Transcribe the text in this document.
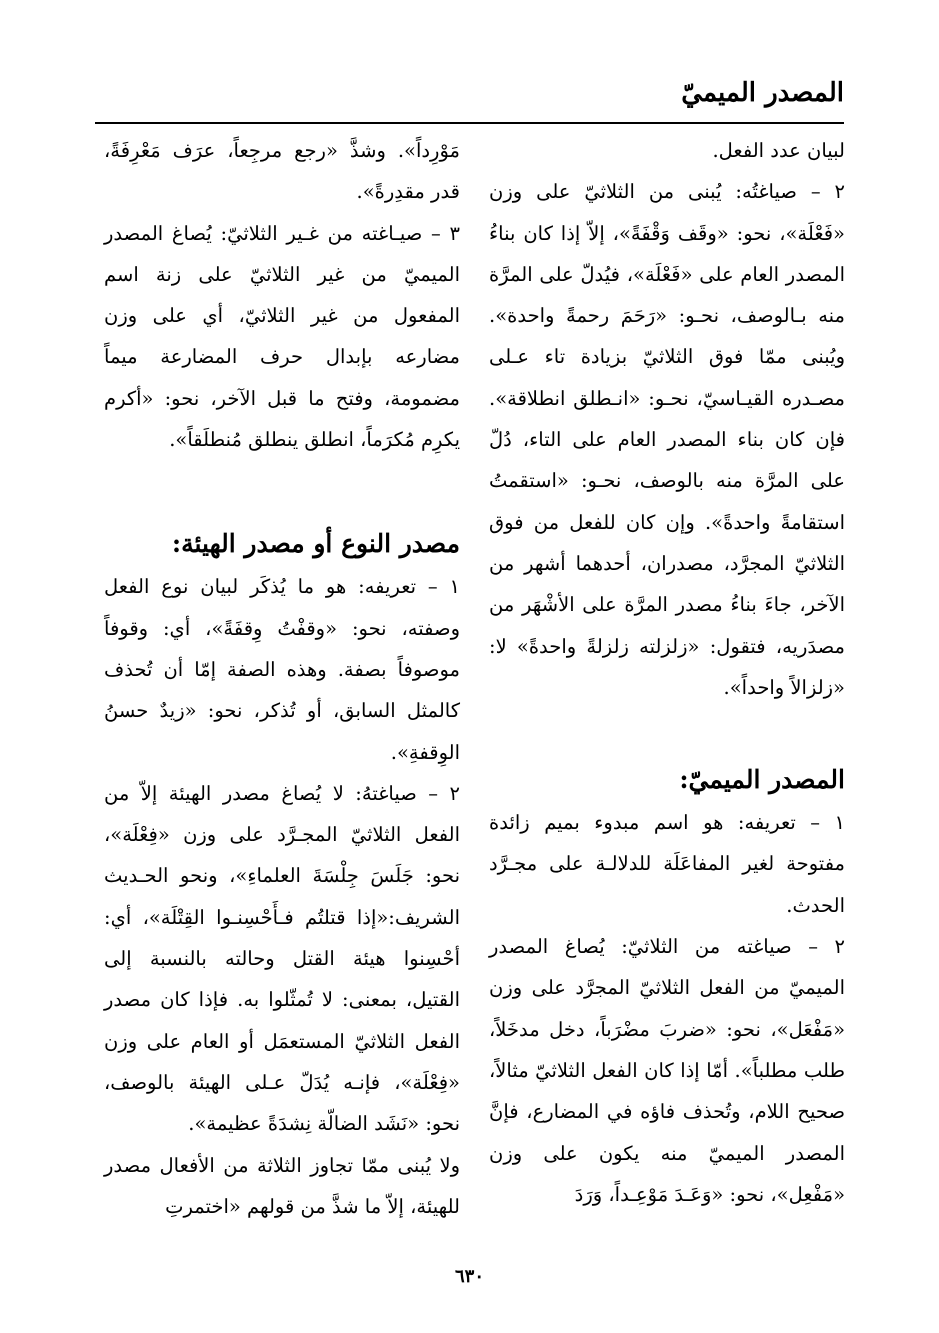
المصدر الميميّ

لبيان عدد الفعل.

٢ – صياغتُه: يُبنى من الثلاثيّ على وزن «فَعْلَة»، نحو: «وقَف وَقْفَةً»، إلاّ إذا كان بناءُ المصدر العام على «فَعْلَة»، فيُدلّ على المرَّة منه بـالوصف، نحـو: «رَحَمَ رحمةً واحدة». ويُبنى ممّا فوق الثلاثيّ بزيادة تاء عـلى مصـدره القيـاسيّ، نحـو: «انـطلق انطلاقة». فإن كان بناء المصدر العام على التاء، دُلّ على المرَّة منه بالوصف، نحـو: «استقمتُ استقامةً واحدةً». وإن كان للفعل من فوق الثلاثيّ المجرَّد، مصدران، أحدهما أشهر من الآخر، جاءَ بناءُ مصدر المرَّة على الأشْهَر من مصدَريه، فتقول: «زلزلته زلزلةً واحدةً» لا: «زلزالاً واحداً».

المصدر الميميّ:

١ – تعريفه: هو اسم مبدوء بميم زائدة مفتوحة لغير المفاعَلَة للدلالـة على مجـرَّد الحدث.

٢ – صياغته من الثلاثيّ: يُصاغ المصدر الميميّ من الفعل الثلاثيّ المجرَّد على وزن «مَفْعَل»، نحو: «ضربَ مضْرَباً، دخل مدخَلاً، طلب مطلباً». أمّا إذا كان الفعل الثلاثيّ مثالاً، صحيح اللام، وتُحذف فاؤه في المضارع، فإنَّ المصدر الميميّ منه يكون على وزن «مَفْعِل»، نحو: «وَعَـدَ مَوْعِـداً، وَرَدَ

مَوْرِداً». وشذَّ «رجع مرجِعاً، عرَف مَعْرِفَةً، قدر مقدِرةً».

٣ – صيـاغته من غـير الثلاثيّ: يُصاغ المصدر الميميّ من غير الثلاثيّ على زنة اسم المفعول من غير الثلاثيّ، أي على وزن مضارعه بإبدال حرف المضارعة ميماً مضمومة، وفتح ما قبل الآخر، نحو: «أكرم يكرِم مُكرَماً، انطلق ينطلق مُنطلَقاً».

مصدر النوع أو مصدر الهيئة:

١ – تعريفه: هو ما يُذكَر لبيان نوع الفعل وصفته، نحو: «وقفْتُ وِقفَةً»، أي: وقوفاً موصوفاً بصفة. وهذه الصفة إمّا أن تُحذف كالمثل السابق، أو تُذكر، نحو: «زيدٌ حسنُ الوِقفةِ».

٢ – صياغتهُ: لا يُصاغ مصدر الهيئة إلاّ من الفعل الثلاثيّ المجـرَّد على وزن «فِعْلَة»، نحو: جَلَسَ جِلْسَةَ العلماءِ»، ونحو الحـديث الشريف:«إذا قتلتُم فـأَحْسِنـوا القِتْلَة»، أي: أحْسِنوا هيئة القتل وحالته بالنسبة إلى القتيل، بمعنى: لا تُمثّلوا به. فإذا كان مصدر الفعل الثلاثيّ المستعمَل أو العام على وزن «فِعْلَة»، فإنـه يُدَلّ عـلى الهيئة بالوصف، نحو: «نَشَد الضالّة نِشدَةً عظيمة».

ولا يُبنى ممّا تجاوز الثلاثة من الأفعال مصدر للهيئة، إلاّ ما شذَّ من قولهم «اختمرتِ

٦٣٠
